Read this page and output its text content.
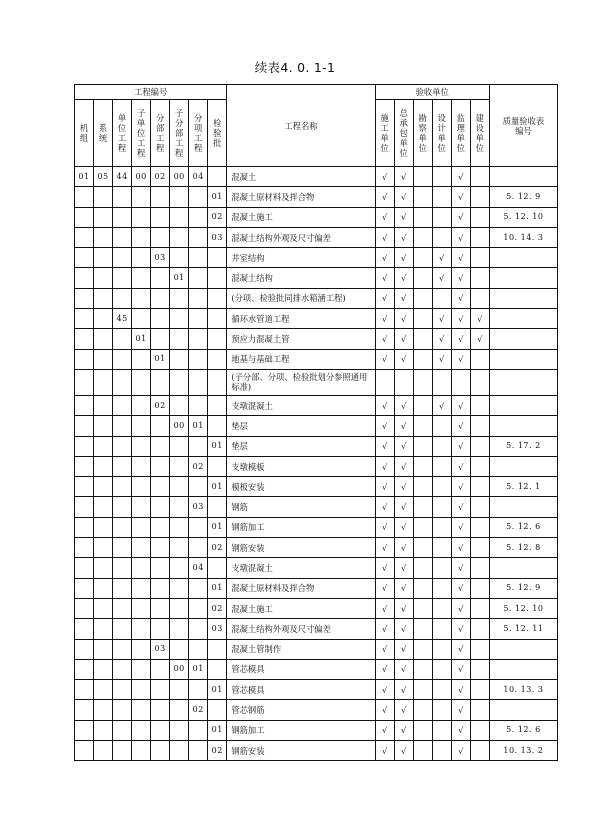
续表4. 0. 1-1
工程编号								工程名称	验收单位						质量验收表编号
机组	系统	单位工程	子单位工程	分部工程	子分部工程	分项工程	检验批		施工单位	总承包单位	勘察单位	设计单位	监理单位	建设单位	
01	05	44	00	02	00	04		混凝土	√	√			√		
							01	混凝土原材料及拌合物	√	√			√		5. 12. 9
							02	混凝土施工	√	√			√		5. 12. 10
							03	混凝土结构外观及尺寸偏差	√	√			√		10. 14. 3
				03				井室结构	√	√		√	√		
					01			混凝土结构	√	√		√	√		
								(分项、检验批同排水箱涵工程)	√	√			√		
		45						循环水管道工程	√	√		√	√	√	
			01					预应力混凝土管	√	√		√	√	√	
				01				地基与基础工程	√	√		√	√		
								(子分部、分项、检验批划分参照通用标准)							
				02				支墩混凝土	√	√		√	√		
					00	01		垫层	√	√			√		
							01	垫层	√	√			√		5. 17. 2
						02		支墩模板	√	√			√		
							01	模板安装	√	√			√		5. 12. 1
						03		钢筋	√	√			√		
							01	钢筋加工	√	√			√		5. 12. 6
							02	钢筋安装	√	√			√		5. 12. 8
						04		支墩混凝土	√	√			√		
							01	混凝土原材料及拌合物	√	√			√		5. 12. 9
							02	混凝土施工	√	√			√		5. 12. 10
							03	混凝土结构外观及尺寸偏差	√	√			√		5. 12. 11
				03				混凝土管制作	√	√			√		
					00	01		管芯模具	√	√			√		
							01	管芯模具	√	√			√		10. 13. 3
						02		管芯钢筋	√	√			√		
							01	钢筋加工	√	√			√		5. 12. 6
							02	钢筋安装	√	√			√		10. 13. 2
